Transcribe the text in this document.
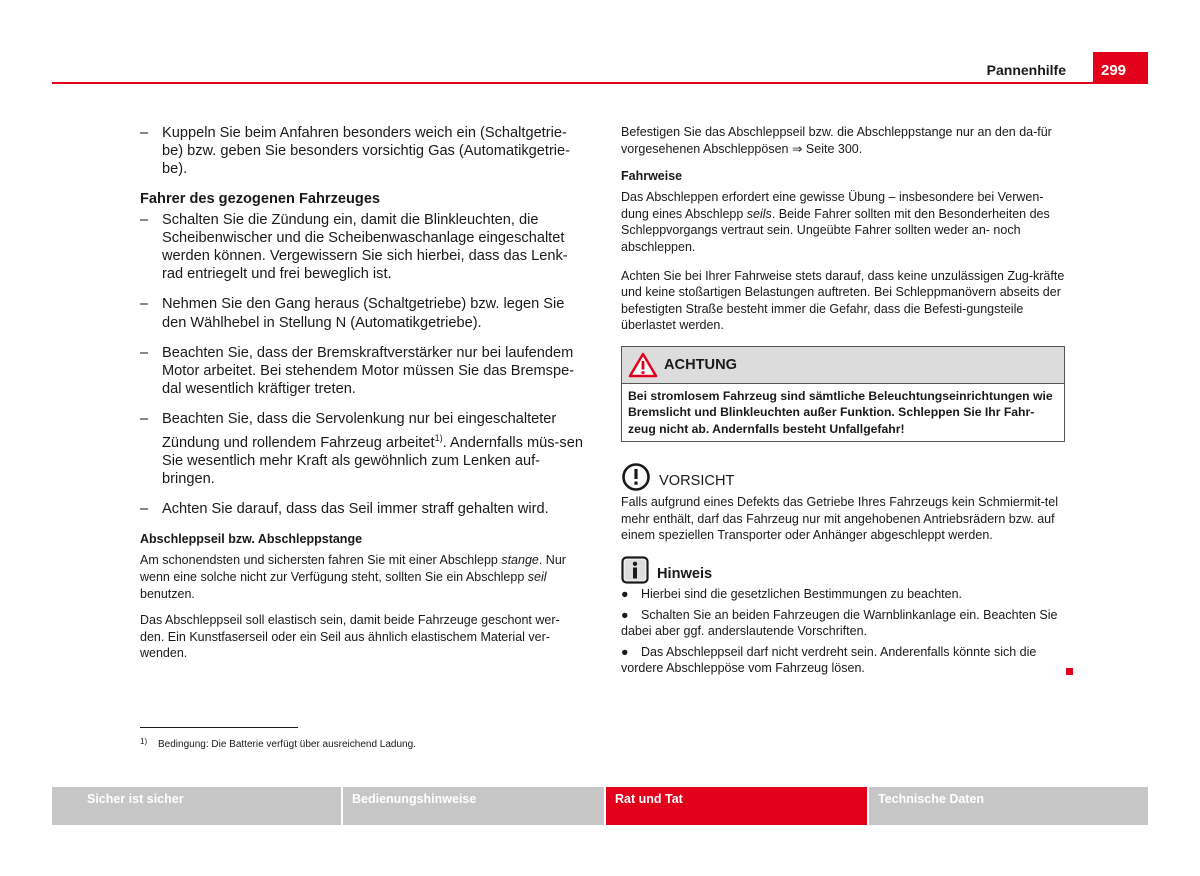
Pannenhilfe	299
– Kuppeln Sie beim Anfahren besonders weich ein (Schaltgetrie-be) bzw. geben Sie besonders vorsichtig Gas (Automatikgetrie-be).
Fahrer des gezogenen Fahrzeuges
– Schalten Sie die Zündung ein, damit die Blinkleuchten, die Scheibenwischer und die Scheibenwaschanlage eingeschaltet werden können. Vergewissern Sie sich hierbei, dass das Lenk-rad entriegelt und frei beweglich ist.
– Nehmen Sie den Gang heraus (Schaltgetriebe) bzw. legen Sie den Wählhebel in Stellung N (Automatikgetriebe).
– Beachten Sie, dass der Bremskraftverstärker nur bei laufendem Motor arbeitet. Bei stehendem Motor müssen Sie das Bremspe-dal wesentlich kräftiger treten.
– Beachten Sie, dass die Servolenkung nur bei eingeschalteter Zündung und rollendem Fahrzeug arbeitet$^{1)}$. Andernfalls müs-sen Sie wesentlich mehr Kraft als gewöhnlich zum Lenken auf-bringen.
– Achten Sie darauf, dass das Seil immer straff gehalten wird.
Abschleppseil bzw. Abschleppstange

Am schonendsten und sichersten fahren Sie mit einer Abschlepp stange. Nur wenn eine solche nicht zur Verfügung steht, sollten Sie ein Abschlepp seil benutzen.

Das Abschleppseil soll elastisch sein, damit beide Fahrzeuge geschont wer-den. Ein Kunstfaserseil oder ein Seil aus ähnlich elastischem Material ver-wenden.

Befestigen Sie das Abschleppseil bzw. die Abschleppstange nur an den da-für vorgesehenen Abschleppösen ⇒ Seite 300.

Fahrweise

Das Abschleppen erfordert eine gewisse Übung – insbesondere bei Verwen-dung eines Abschlepp seils. Beide Fahrer sollten mit den Besonderheiten des Schleppvorgangs vertraut sein. Ungeübte Fahrer sollten weder an- noch abschleppen.

Achten Sie bei Ihrer Fahrweise stets darauf, dass keine unzulässigen Zug-kräfte und keine stoßartigen Belastungen auftreten. Bei Schleppmanövern abseits der befestigten Straße besteht immer die Gefahr, dass die Befesti-gungsteile überlastet werden.

ACHTUNG
Bei stromlosem Fahrzeug sind sämtliche Beleuchtungseinrichtungen wie Bremslicht und Blinkleuchten außer Funktion. Schleppen Sie Ihr Fahr-zeug nicht ab. Andernfalls besteht Unfallgefahr!
VORSICHT

Falls aufgrund eines Defekts das Getriebe Ihres Fahrzeugs kein Schmiermit-tel mehr enthält, darf das Fahrzeug nur mit angehobenen Antriebsrädern bzw. auf einem speziellen Transporter oder Anhänger abgeschleppt werden.

Hinweis
● Hierbei sind die gesetzlichen Bestimmungen zu beachten.
● Schalten Sie an beiden Fahrzeugen die Warnblinkanlage ein. Beachten Sie dabei aber ggf. anderslautende Vorschriften.
● Das Abschleppseil darf nicht verdreht sein. Anderenfalls könnte sich die vordere Abschleppöse vom Fahrzeug lösen.
1) Bedingung: Die Batterie verfügt über ausreichend Ladung.
Sicher ist sicher	Bedienungshinweise	Rat und Tat	Technische Daten
